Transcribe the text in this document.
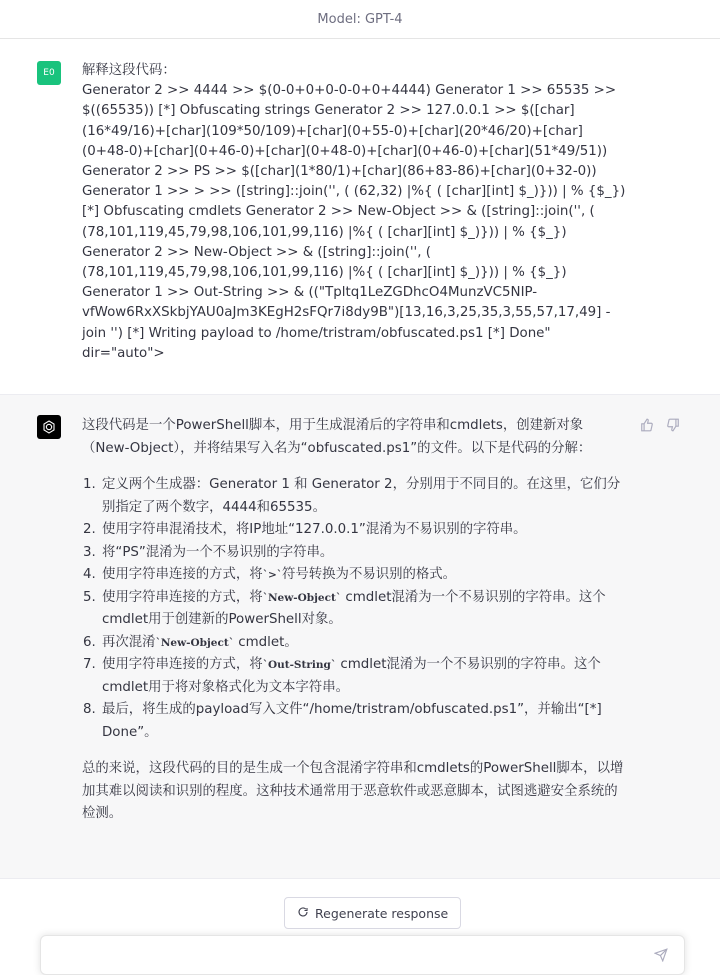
Model: GPT-4
E0	解释这段代码：
Generator 2 >> 4444 >> $(0-0+0+0-0-0+0+4444) Generator 1 >> 65535 >> $((65535)) [*] Obfuscating strings Generator 2 >> 127.0.0.1 >> $([char](16*49/16)+[char](109*50/109)+[char](0+55-0)+[char](20*46/20)+[char](0+48-0)+[char](0+46-0)+[char](0+48-0)+[char](0+46-0)+[char](51*49/51)) Generator 2 >> PS >> $([char](1*80/1)+[char](86+83-86)+[char](0+32-0)) Generator 1 >> > >> ([string]::join('', ( (62,32) |%{ ( [char][int] $_)})) | % {$_}) [*] Obfuscating cmdlets Generator 2 >> New-Object >> & ([string]::join('', ( (78,101,119,45,79,98,106,101,99,116) |%{ ( [char][int] $_)})) | % {$_}) Generator 2 >> New-Object >> & ([string]::join('', ( (78,101,119,45,79,98,106,101,99,116) |%{ ( [char][int] $_)})) | % {$_}) Generator 1 >> Out-String >> & (("Tpltq1LeZGDhcO4MunzVC5NIP-vfWow6RxXSkbjYAU0aJm3KEgH2sFQr7i8dy9B")[13,16,3,25,35,3,55,57,17,49] -join '') [*] Writing payload to /home/tristram/obfuscated.ps1 [*] Done" dir="auto">

这段代码是一个PowerShell脚本，用于生成混淆后的字符串和cmdlets，创建新对象（New-Object），并将结果写入名为“obfuscated.ps1”的文件。以下是代码的分解：

1. 定义两个生成器：Generator 1 和 Generator 2，分别用于不同目的。在这里，它们分别指定了两个数字，4444和65535。
2. 使用字符串混淆技术，将IP地址“127.0.0.1”混淆为不易识别的字符串。
3. 将“PS”混淆为一个不易识别的字符串。
4. 使用字符串连接的方式，将`>`符号转换为不易识别的格式。
5. 使用字符串连接的方式，将`New-Object` cmdlet混淆为一个不易识别的字符串。这个cmdlet用于创建新的PowerShell对象。
6. 再次混淆`New-Object` cmdlet。
7. 使用字符串连接的方式，将`Out-String` cmdlet混淆为一个不易识别的字符串。这个cmdlet用于将对象格式化为文本字符串。
8. 最后，将生成的payload写入文件“/home/tristram/obfuscated.ps1”，并输出“[*] Done”。

总的来说，这段代码的目的是生成一个包含混淆字符串和cmdlets的PowerShell脚本，以增加其难以阅读和识别的程度。这种技术通常用于恶意软件或恶意脚本，试图逃避安全系统的检测。

Regenerate response
